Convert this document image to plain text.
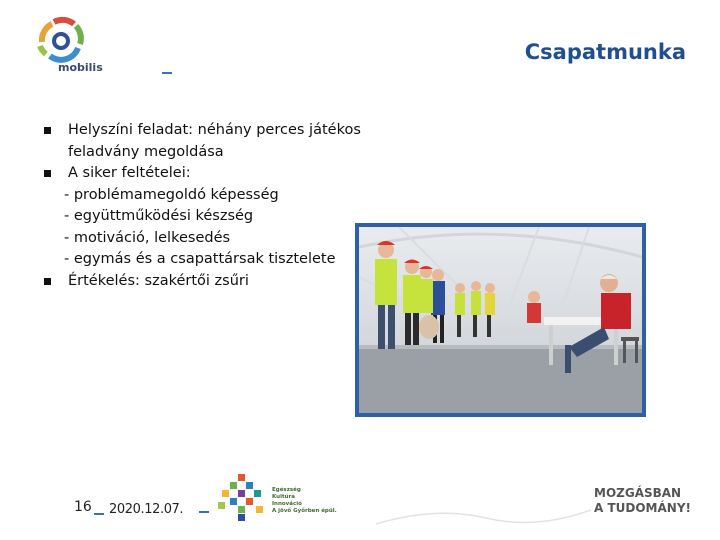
mobilis
Csapatmunka
Helyszíni feladat: néhány perces játékos feladvány megoldása
A siker feltételei:
- problémamegoldó képesség
- együttműködési készség
- motiváció, lelkesedés
- egymás és a csapattársak tisztelete
Értékelés: szakértői zsűri
16 2020.12.07.
Egészség
Kultúra
Innováció
A jövő Győrben épül.
MOZGÁSBAN
A TUDOMÁNY!
